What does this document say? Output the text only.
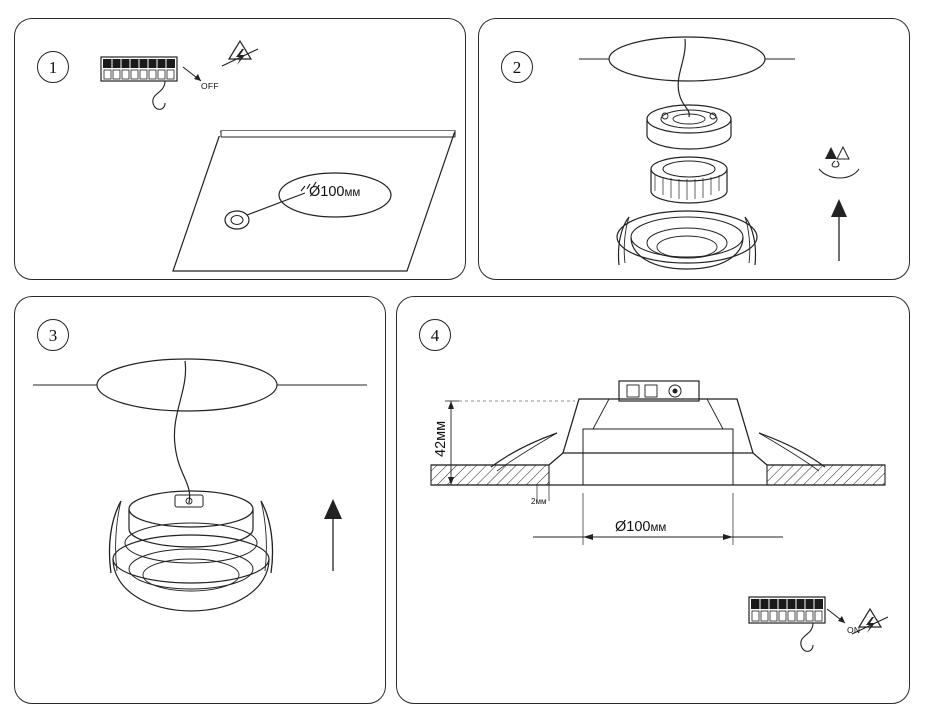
1
OFF
Ø100мм
2
3	4
42мм
2мм
Ø100мм
ON
